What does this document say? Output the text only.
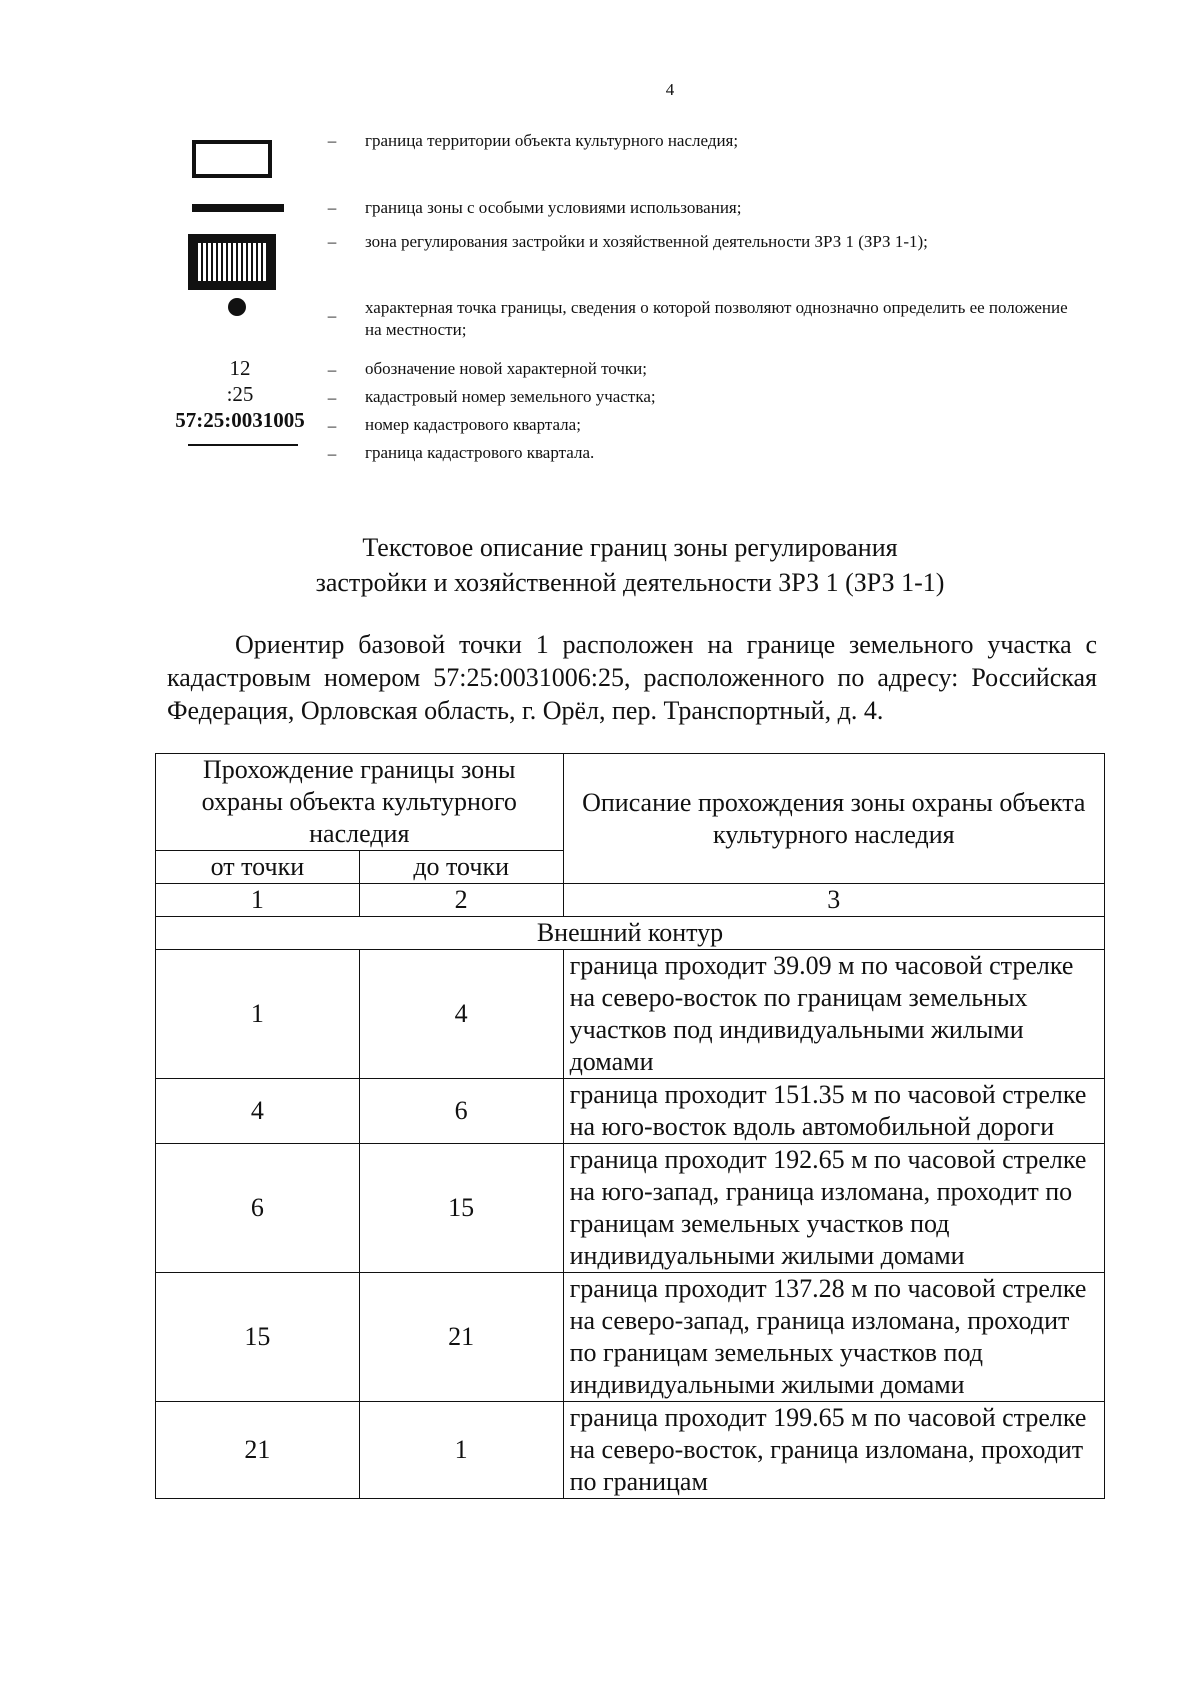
4
12
:25
57:25:0031005
–
–
–
–
–
–
–
–
граница территории объекта культурного наследия;
граница зоны с особыми условиями использования;
зона регулирования застройки и хозяйственной деятельности ЗРЗ 1 (ЗРЗ 1-1);
характерная точка границы, сведения о которой позволяют однозначно определить ее положение на местности;
обозначение новой характерной точки;
кадастровый номер земельного участка;
номер кадастрового квартала;
граница кадастрового квартала.
Текстовое описание границ зоны регулирования
застройки и хозяйственной деятельности ЗРЗ 1 (ЗРЗ 1-1)
Ориентир базовой точки 1 расположен на границе земельного участка с кадастровым номером 57:25:0031006:25, расположенного по адресу: Российская Федерация, Орловская область, г. Орёл, пер. Транспортный, д. 4.
Прохождение границы зоны охраны объекта культурного наследия		Описание прохождения зоны охраны объекта культурного наследия
от точки	до точки	
1	2	3
Внешний контур		
1	4	граница проходит 39.09 м по часовой стрелке на северо-восток по границам земельных участков под индивидуальными жилыми домами
4	6	граница проходит 151.35 м по часовой стрелке на юго-восток вдоль автомобильной дороги
6	15	граница проходит 192.65 м по часовой стрелке на юго-запад, граница изломана, проходит по границам земельных участков под индивидуальными жилыми домами
15	21	граница проходит 137.28 м по часовой стрелке на северо-запад, граница изломана, проходит по границам земельных участков под индивидуальными жилыми домами
21	1	граница проходит 199.65 м по часовой стрелке на северо-восток, граница изломана, проходит по границам
